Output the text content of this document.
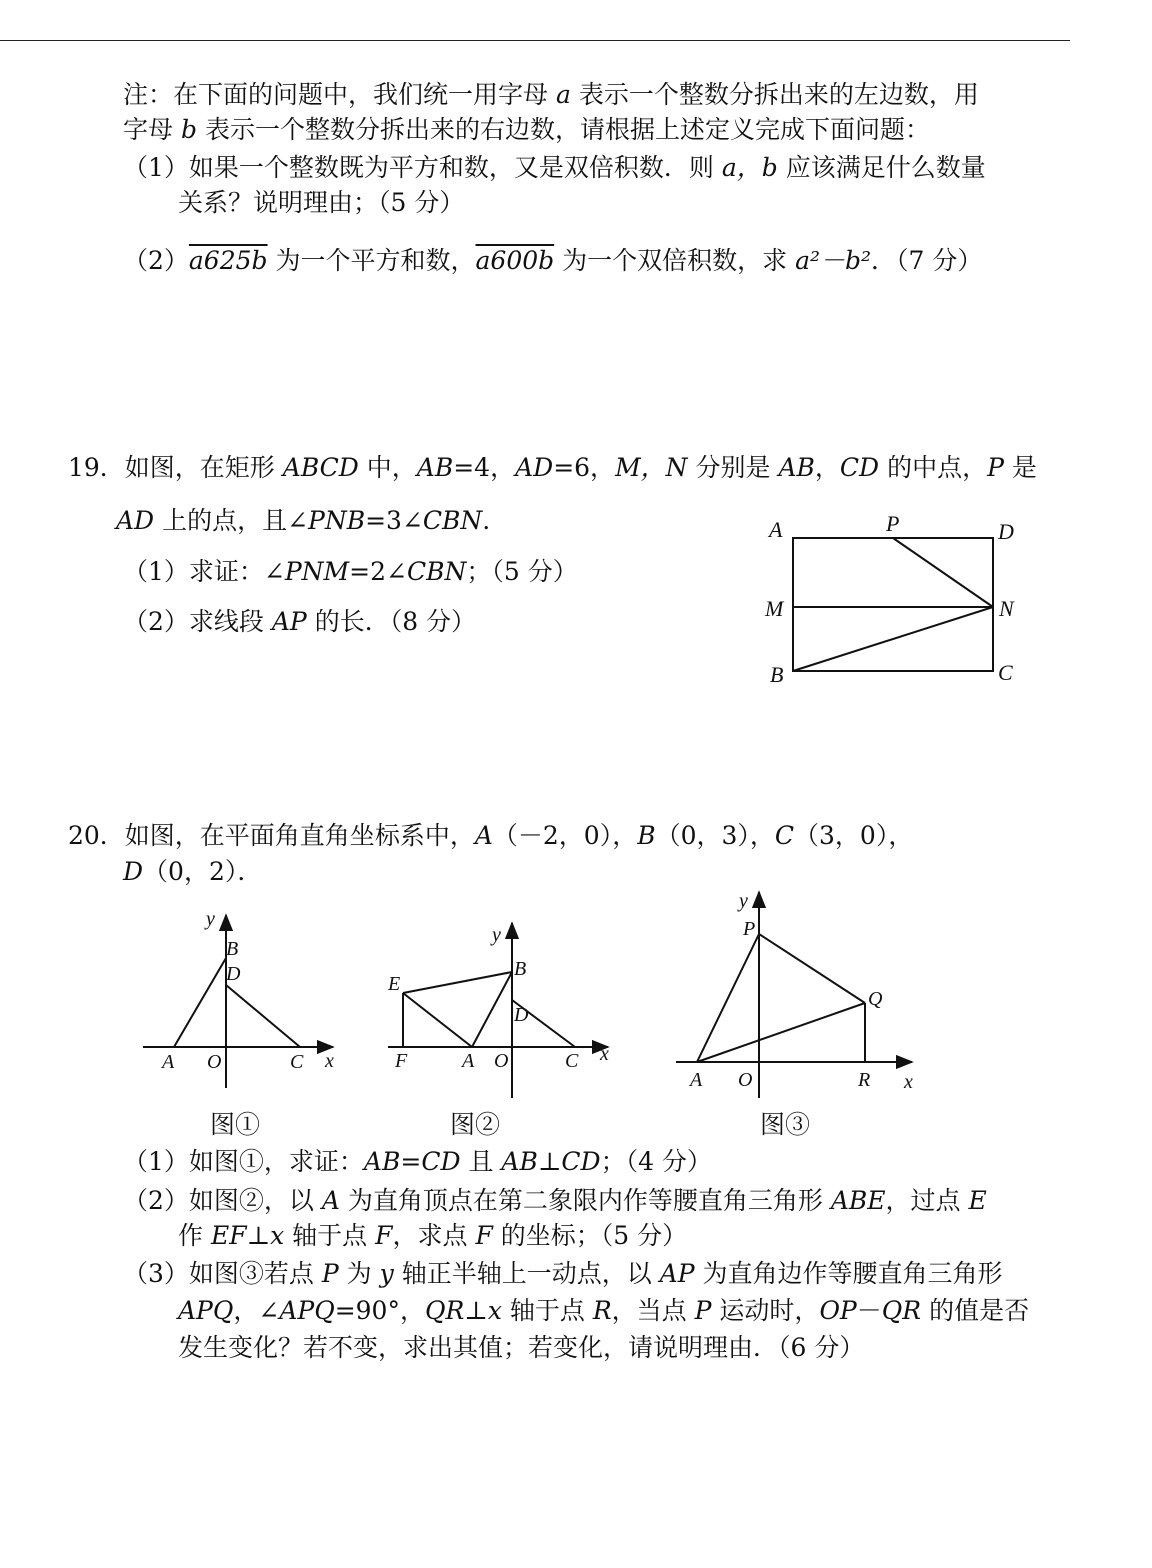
注：在下面的问题中，我们统一用字母 a 表示一个整数分拆出来的左边数，用
字母 b 表示一个整数分拆出来的右边数，请根据上述定义完成下面问题：
（1）如果一个整数既为平方和数，又是双倍积数．则 a，b 应该满足什么数量
关系？说明理由；（5 分）
（2）a625b 为一个平方和数，a600b 为一个双倍积数，求 a²－b²．（7 分）
19．如图，在矩形 ABCD 中，AB=4，AD=6，M，N 分别是 AB，CD 的中点，P 是
AD 上的点，且∠PNB=3∠CBN.
（1）求证：∠PNM=2∠CBN；（5 分）
（2）求线段 AP 的长．（8 分）
A	P	D
M	N
B	C
20．如图，在平面角直角坐标系中，A（－2，0），B（0，3），C（3，0），
D（0，2）．
y
B
D
A O	C x
y
E
B
D
F	A O	C x
y
P
Q
A O	R x
图①	图②	图③
（1）如图①，求证：AB=CD 且 AB⊥CD；（4 分）
（2）如图②，以 A 为直角顶点在第二象限内作等腰直角三角形 ABE，过点 E
作 EF⊥x 轴于点 F，求点 F 的坐标；（5 分）
（3）如图③若点 P 为 y 轴正半轴上一动点，以 AP 为直角边作等腰直角三角形
APQ，∠APQ=90°，QR⊥x 轴于点 R，当点 P 运动时，OP－QR 的值是否
发生变化？若不变，求出其值；若变化，请说明理由．（6 分）
